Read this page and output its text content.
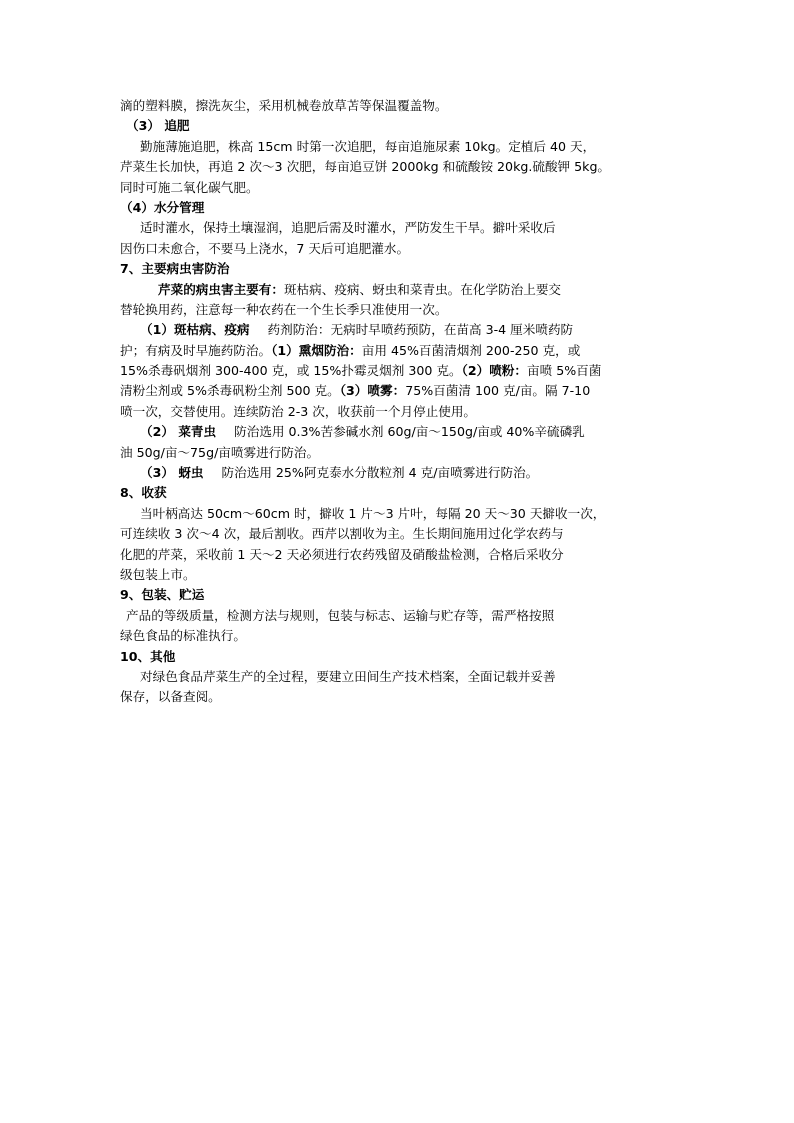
滴的塑料膜，擦洗灰尘，采用机械卷放草苫等保温覆盖物。
（3） 追肥
勤施薄施追肥，株高 15cm 时第一次追肥，每亩追施尿素 10kg。定植后 40 天，
芹菜生长加快，再追 2 次～3 次肥，每亩追豆饼 2000kg 和硫酸铵 20kg.硫酸钾 5kg。
同时可施二氧化碳气肥。
（4）水分管理
适时灌水，保持土壤湿润，追肥后需及时灌水，严防发生干旱。擗叶采收后
因伤口未愈合，不要马上浇水，7 天后可追肥灌水。
7、主要病虫害防治
芹菜的病虫害主要有：斑枯病、疫病、蚜虫和菜青虫。在化学防治上要交
替轮换用药，注意每一种农药在一个生长季只准使用一次。
（1）斑枯病、疫病 药剂防治：无病时早喷药预防，在苗高 3-4 厘米喷药防
护；有病及时早施药防治。（1）熏烟防治：亩用 45%百菌清烟剂 200-250 克，或
15%杀毒矾烟剂 300-400 克，或 15%扑霉灵烟剂 300 克。（2）喷粉：亩喷 5%百菌
清粉尘剂或 5%杀毒矾粉尘剂 500 克。（3）喷雾：75%百菌清 100 克/亩。隔 7-10
喷一次，交替使用。连续防治 2-3 次，收获前一个月停止使用。
（2） 菜青虫 防治选用 0.3%苦参碱水剂 60g/亩～150g/亩或 40%辛硫磷乳
油 50g/亩～75g/亩喷雾进行防治。
（3） 蚜虫 防治选用 25%阿克泰水分散粒剂 4 克/亩喷雾进行防治。
8、收获
当叶柄高达 50cm～60cm 时，擗收 1 片～3 片叶，每隔 20 天～30 天擗收一次，
可连续收 3 次～4 次，最后割收。西芹以割收为主。生长期间施用过化学农药与
化肥的芹菜，采收前 1 天～2 天必须进行农药残留及硝酸盐检测，合格后采收分
级包装上市。
9、包装、贮运
产品的等级质量，检测方法与规则，包装与标志、运输与贮存等，需严格按照
绿色食品的标准执行。
10、其他
对绿色食品芹菜生产的全过程，要建立田间生产技术档案，全面记载并妥善
保存，以备查阅。
